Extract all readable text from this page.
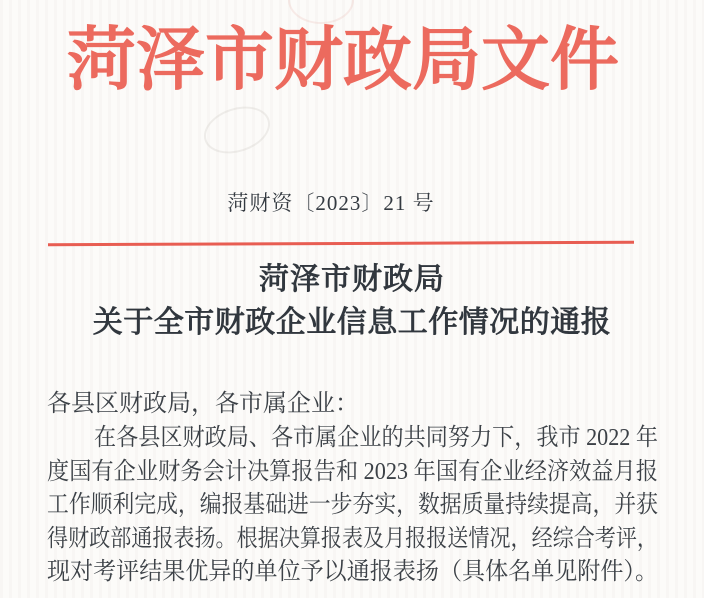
菏泽市财政局文件
菏财资〔2023〕21 号
菏泽市财政局
关于全市财政企业信息工作情况的通报
各县区财政局，各市属企业：
在各县区财政局、各市属企业的共同努力下，我市 2022 年
度国有企业财务会计决算报告和 2023 年国有企业经济效益月报
工作顺利完成，编报基础进一步夯实，数据质量持续提高，并获
得财政部通报表扬。根据决算报表及月报报送情况，经综合考评，
现对考评结果优异的单位予以通报表扬（具体名单见附件）。
